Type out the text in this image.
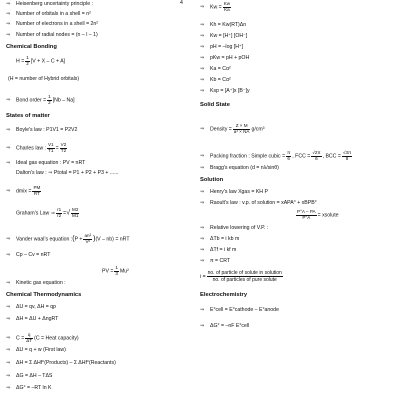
⇒ Heisenberg uncertainty principle :
⇒ Number of orbitals in a shell = n²
⇒ Number of electrons in a shell = 2n²
⇒ Number of radial nodes = (n – l – 1)
Chemical Bonding
$H = \frac{1}{2} [V + X - C + A]$
(H = number of Hybrid orbitals)
⇒ Bond order = $\frac{1}{2} [Nb - Na]$
States of matter
⇒ Boyle's law : P1V1 = P2V2
⇒ Charles law : $\frac{V1}{T1} = \frac{V2}{T2}$
⇒ Ideal gas equation : PV = nRT
Dalton's law : ⇒ Ptotal = P1 + P2 + P3 + ......
⇒ dmix = $\frac{PM}{RT}$
Graham's Law ⇒ $\frac{r1}{r2}$ =√ $\frac{M2}{M1}$
⇒ Vander waal's equation :(P + $\frac{\text{an²}}{\text{V²}} )(V - nb)$ = nRT
⇒ Cp – Cv = nRT
PV = $\frac{1}{3} Mu^2$
⇒ Kinetic gas equation :
Chemical Thermodynamics
⇒ ΔU = qv, ΔH = qp
⇒ ΔH = ΔU + ΔngRT
⇒ $C = \frac{q}{\Delta T} (C$ = Heat capacity)
⇒ ΔU = q + w (First law)
⇒ ΔH = Σ ΔHf°(Products) – Σ ΔHf°(Reactants)
⇒ ΔG = ΔH – TΔS
⇒ ΔG° = –RT ln K
4
⇒ $Kw = \frac{Kw}{Ka}$
⇒ Kh = Kw(RT)Δn
⇒ Kw = [H⁺] [OH⁻]
⇒ pH = –log [H⁺]
⇒ pKw = pH + pOH
⇒ Ka = Cα²
⇒ Kb = Cα²
⇒ Ksp = [A⁺]x [B⁻]y
Solid State
⇒ Density = $\frac{Z \times M}{\text{a³ × NA}} g/cm^3$
⇒ Packing fraction : Simple cubic = $\frac{\pi}{6}$ , FCC = $\frac{√2\pi}{6}$ , BCC = $\frac{√3\pi}{8}$
⇒ Bragg's equation (d = nλ/sinθ)
Solution
⇒ Henry's law Xgas = KH P
⇒ Raoult's law : v.p. of solution = xAPA° + xBPB°
$\frac{P^\circ A - PA}{P^\circ A}$ = xsolute
⇒ Relative lowering of V.P. :
⇒ ΔTb = i kb m
⇒ ΔTf = i kf m
⇒ π = CRT
$i = \frac{\text{no. of particle of solute in solution}}{\text{no. of particles of pure solute}}$
Electrochemistry
⇒ E°cell = E°cathode – E°anode
⇒ ΔG° = –nF E°cell
